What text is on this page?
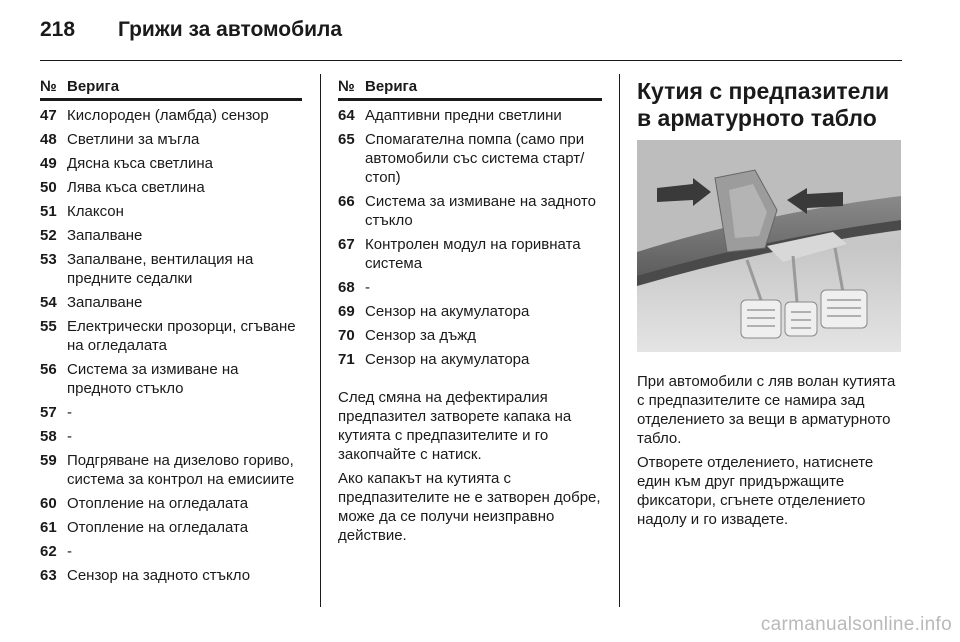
218	Грижи за автомобила
№ Верига
47 Кислороден (ламбда) сензор
48 Светлини за мъгла
49 Дясна къса светлина
50 Лява къса светлина
51 Клаксон
52 Запалване
53 Запалване, вентилация на предните седалки
54 Запалване
55 Електрически прозорци, сгъване на огледалата
56 Система за измиване на предното стъкло
57 -
58 -
59 Подгряване на дизелово гориво, система за контрол на емисиите
60 Отопление на огледалата
61 Отопление на огледалата
62 -
63 Сензор на задното стъкло
№ Верига
64 Адаптивни предни светлини
65 Спомагателна помпа (само при автомобили със система старт/стоп)
66 Система за измиване на задното стъкло
67 Контролен модул на горивната система
68 -
69 Сензор на акумулатора
70 Сензор за дъжд
71 Сензор на акумулатора

След смяна на дефектиралия предпазител затворете капака на кутията с предпазителите и го закопчайте с натиск.

Ако капакът на кутията с предпазителите не е затворен добре, може да се получи неизправно действие.

Кутия с предпазители в арматурното табло

При автомобили с ляв волан кутията с предпазителите се намира зад отделението за вещи в арматурното табло.

Отворете отделението, натиснете един към друг придържащите фиксатори, сгънете отделението надолу и го извадете.

carmanualsonline.info
